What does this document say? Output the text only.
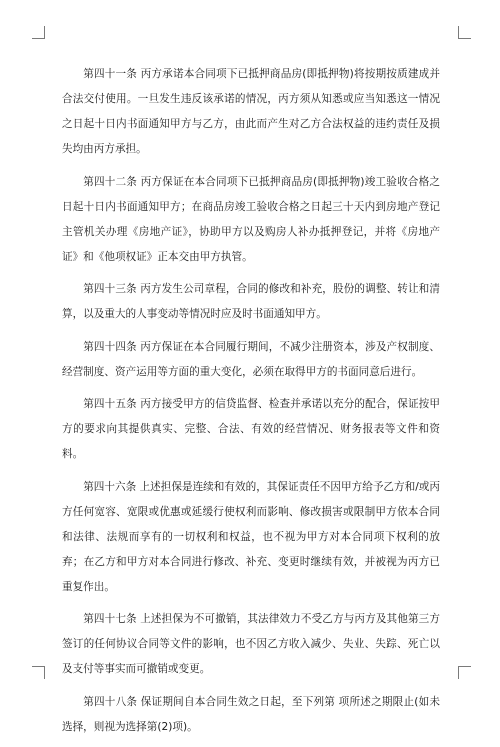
第四十一条 丙方承诺本合同项下已抵押商品房(即抵押物)将按期按质建成并合法交付使用。一旦发生违反该承诺的情况，丙方须从知悉或应当知悉这一情况之日起十日内书面通知甲方与乙方，由此而产生对乙方合法权益的违约责任及损失均由丙方承担。

第四十二条 丙方保证在本合同项下已抵押商品房(即抵押物)竣工验收合格之日起十日内书面通知甲方；在商品房竣工验收合格之日起三十天内到房地产登记主管机关办理《房地产证》，协助甲方以及购房人补办抵押登记，并将《房地产证》和《他项权证》正本交由甲方执管。

第四十三条 丙方发生公司章程，合同的修改和补充，股份的调整、转让和清算，以及重大的人事变动等情况时应及时书面通知甲方。

第四十四条 丙方保证在本合同履行期间，不减少注册资本，涉及产权制度、经营制度、资产运用等方面的重大变化，必须在取得甲方的书面同意后进行。

第四十五条 丙方接受甲方的信贷监督、检查并承诺以充分的配合，保证按甲方的要求向其提供真实、完整、合法、有效的经营情况、财务报表等文件和资料。

第四十六条 上述担保是连续和有效的，其保证责任不因甲方给予乙方和/或丙方任何宽容、宽限或优惠或延缓行使权利而影响、修改损害或限制甲方依本合同和法律、法规而享有的一切权利和权益，也不视为甲方对本合同项下权利的放弃；在乙方和甲方对本合同进行修改、补充、变更时继续有效，并被视为丙方已重复作出。

第四十七条 上述担保为不可撤销，其法律效力不受乙方与丙方及其他第三方签订的任何协议合同等文件的影响，也不因乙方收入减少、失业、失踪、死亡以及支付等事实而可撤销或变更。

第四十八条 保证期间自本合同生效之日起，至下列第 项所述之期限止(如未选择，则视为选择第(2)项)。
